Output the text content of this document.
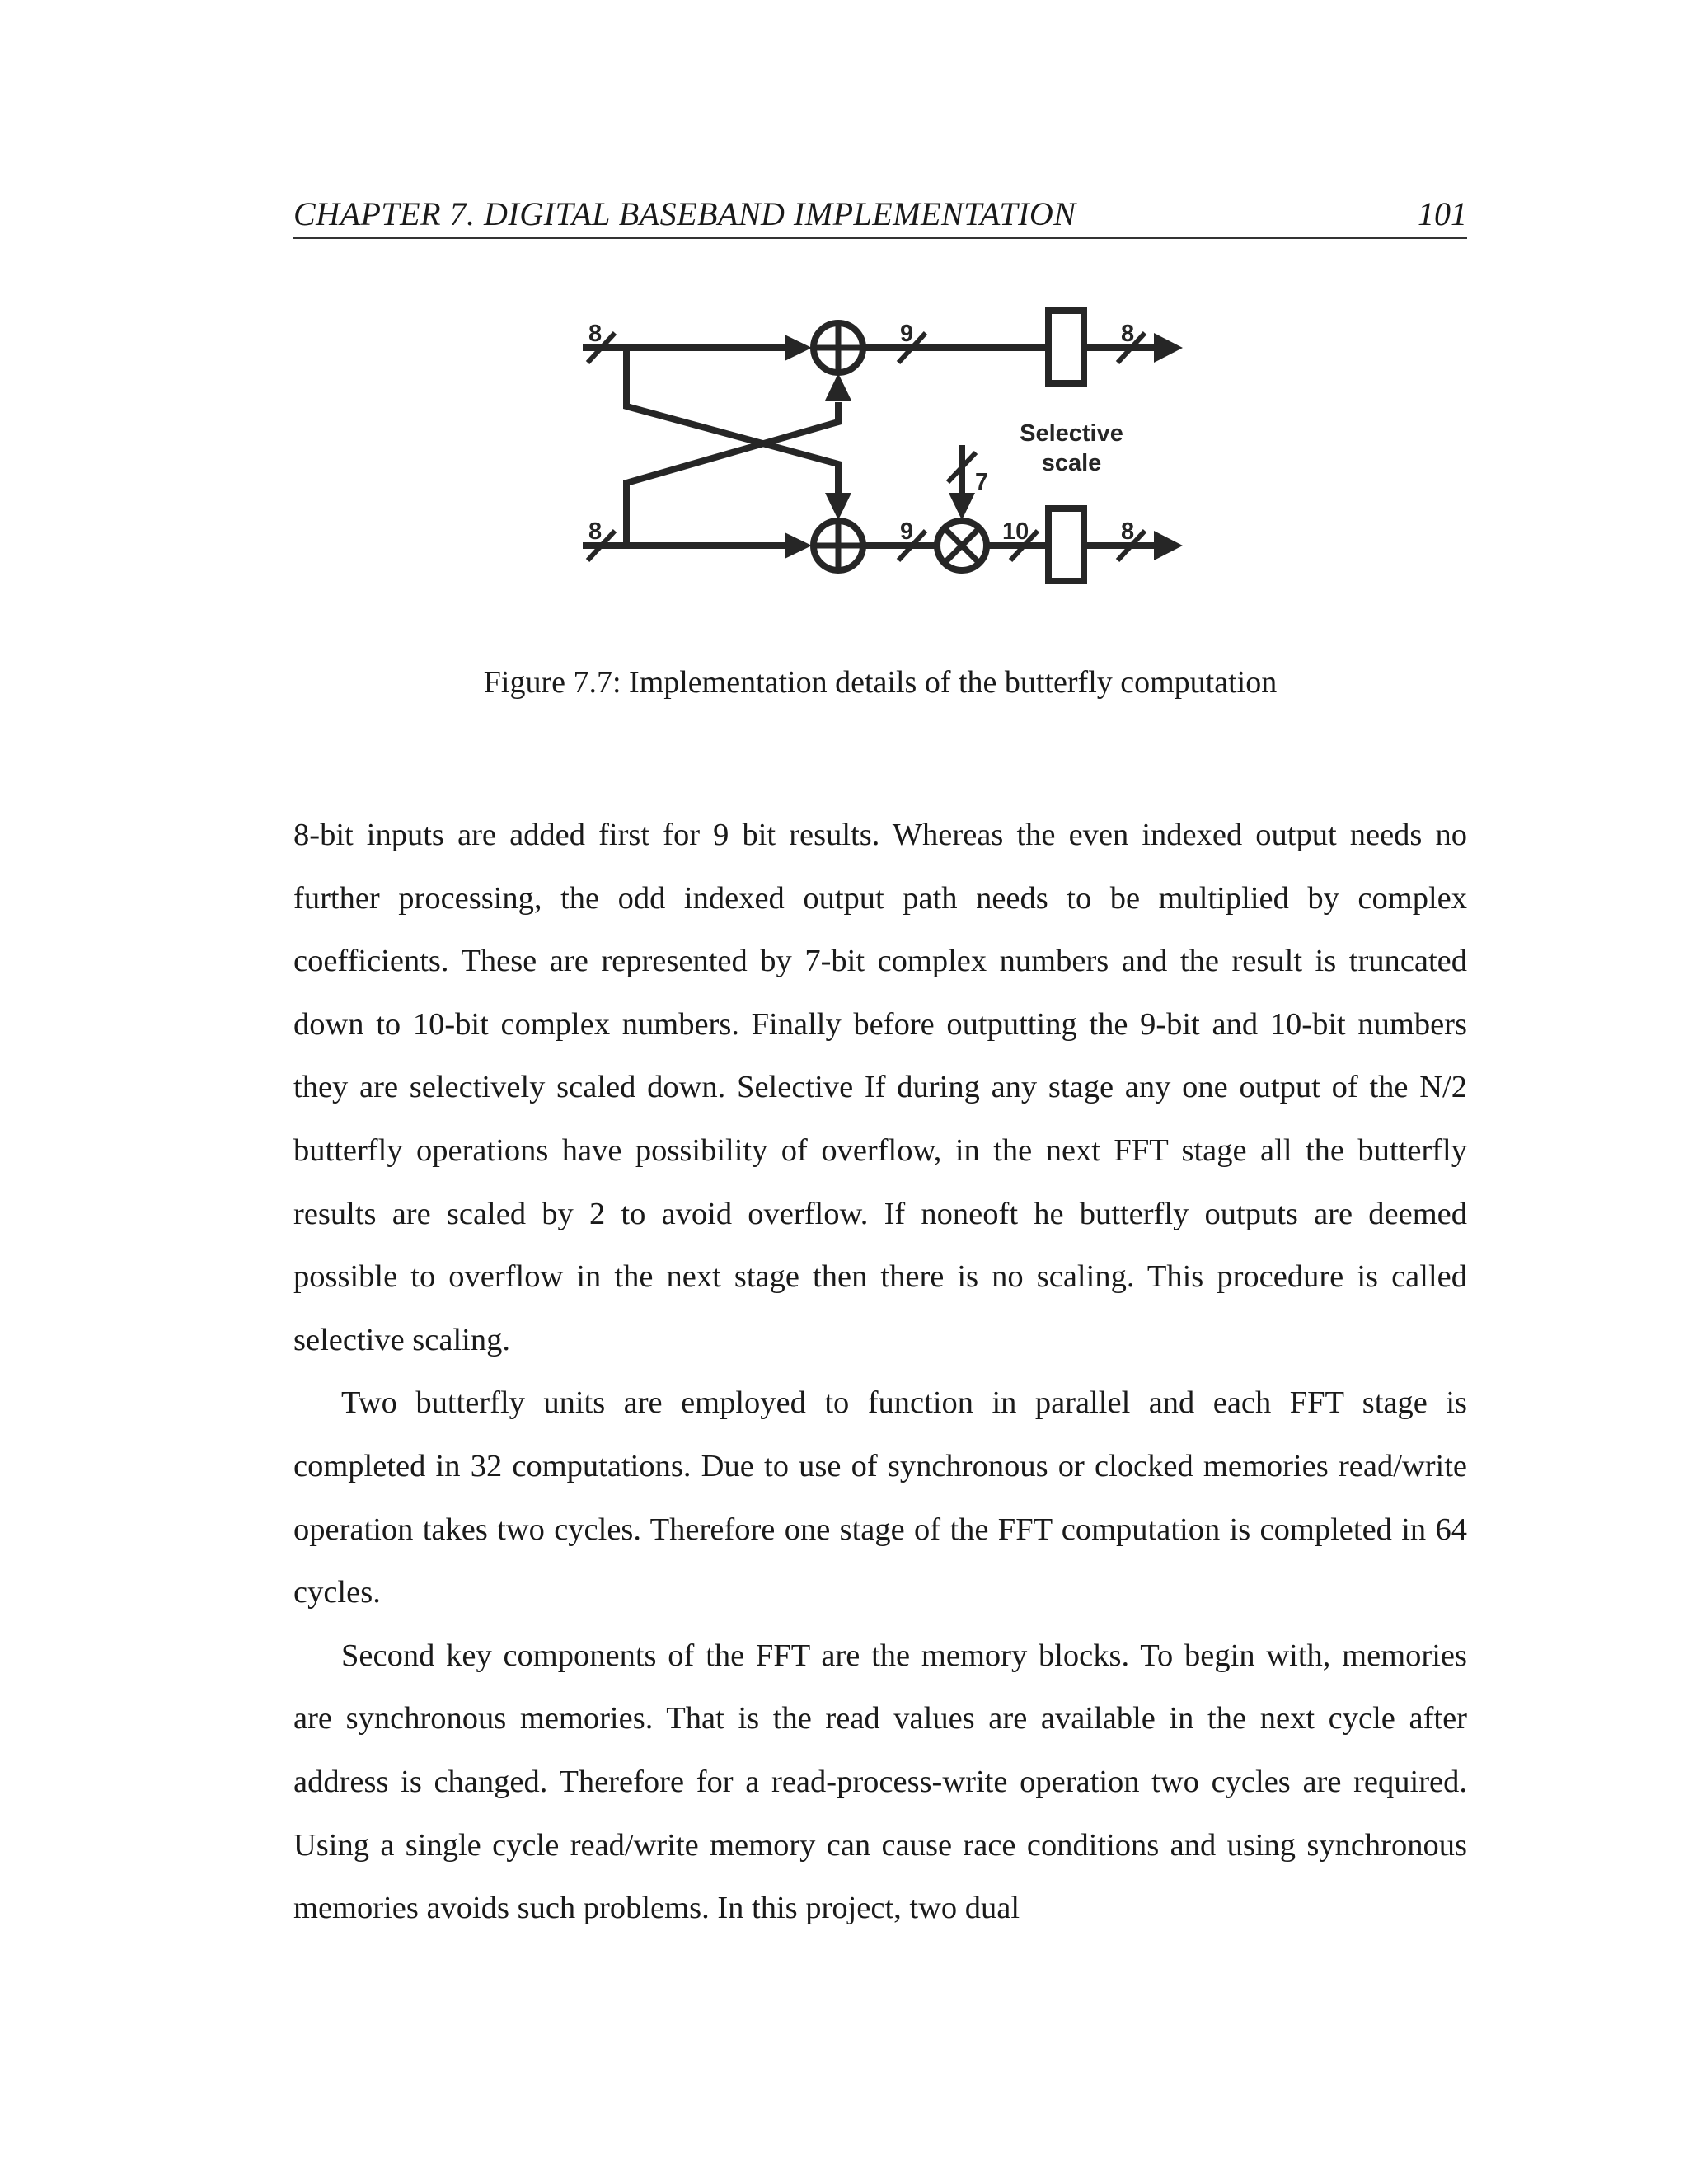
CHAPTER 7. DIGITAL BASEBAND IMPLEMENTATION	101
8
8
9
9
7
10
8
8
Selective
scale
Figure 7.7: Implementation details of the butterfly computation

8-bit inputs are added first for 9 bit results. Whereas the even indexed output needs no further processing, the odd indexed output path needs to be multiplied by complex coefficients. These are represented by 7-bit complex numbers and the result is truncated down to 10-bit complex numbers. Finally before outputting the 9-bit and 10-bit numbers they are selectively scaled down. Selective If during any stage any one output of the N/2 butterfly operations have possibility of overflow, in the next FFT stage all the butterfly results are scaled by 2 to avoid overflow. If noneoft he butterfly outputs are deemed possible to overflow in the next stage then there is no scaling. This procedure is called selective scaling.

Two butterfly units are employed to function in parallel and each FFT stage is completed in 32 computations. Due to use of synchronous or clocked memories read/write operation takes two cycles. Therefore one stage of the FFT computation is completed in 64 cycles.

Second key components of the FFT are the memory blocks. To begin with, memories are synchronous memories. That is the read values are available in the next cycle after address is changed. Therefore for a read-process-write operation two cycles are required. Using a single cycle read/write memory can cause race conditions and using synchronous memories avoids such problems. In this project, two dual
